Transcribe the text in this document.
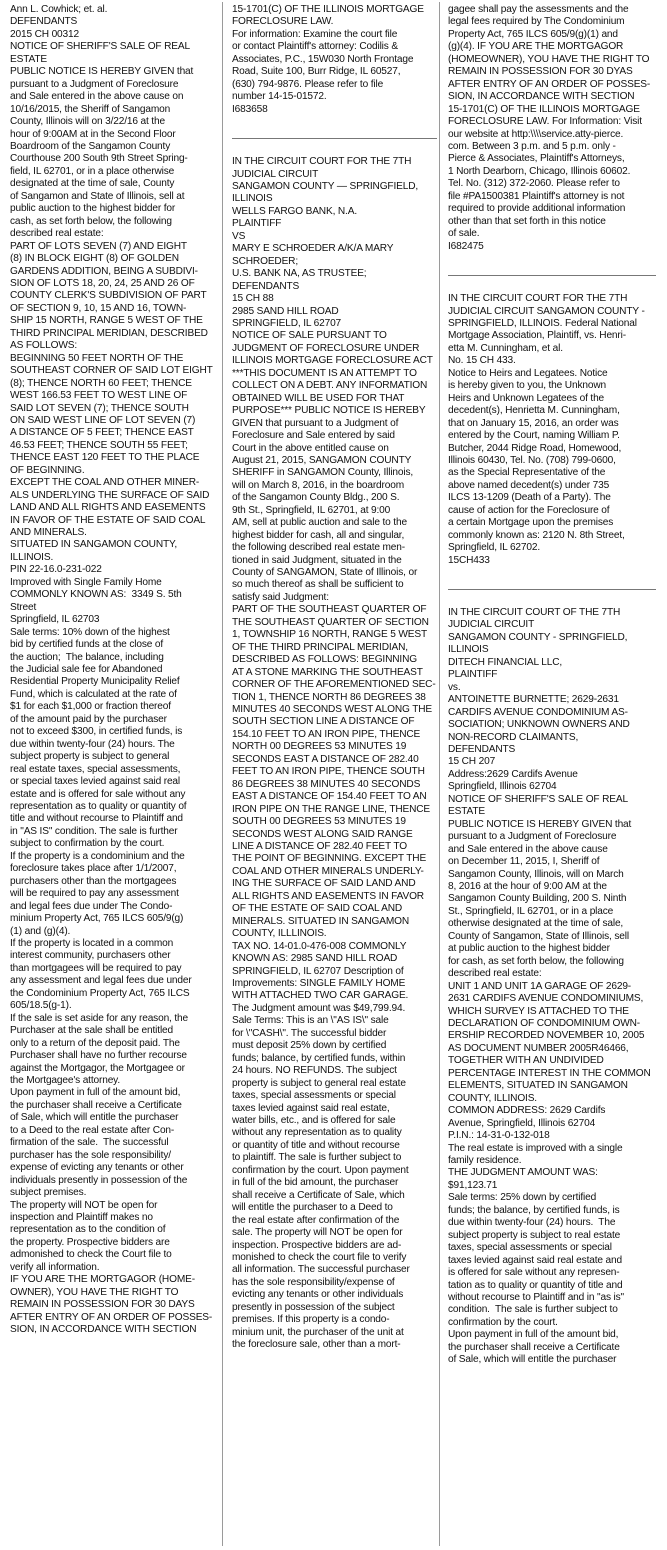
Ann L. Cowhick; et. al.
DEFENDANTS
2015 CH 00312
NOTICE OF SHERIFF'S SALE OF REAL
ESTATE
PUBLIC NOTICE IS HEREBY GIVEN that
pursuant to a Judgment of Foreclosure
and Sale entered in the above cause on
10/16/2015, the Sheriff of Sangamon
County, Illinois will on 3/22/16 at the
hour of 9:00AM at in the Second Floor
Boardroom of the Sangamon County
Courthouse 200 South 9th Street Spring-
field, IL 62701, or in a place otherwise
designated at the time of sale, County
of Sangamon and State of Illinois, sell at
public auction to the highest bidder for
cash, as set forth below, the following
described real estate:
PART OF LOTS SEVEN (7) AND EIGHT
(8) IN BLOCK EIGHT (8) OF GOLDEN
GARDENS ADDITION, BEING A SUBDIVI-
SION OF LOTS 18, 20, 24, 25 AND 26 OF
COUNTY CLERK'S SUBDIVISION OF PART
OF SECTION 9, 10, 15 AND 16, TOWN-
SHIP 15 NORTH, RANGE 5 WEST OF THE
THIRD PRINCIPAL MERIDIAN, DESCRIBED
AS FOLLOWS:
BEGINNING 50 FEET NORTH OF THE
SOUTHEAST CORNER OF SAID LOT EIGHT
(8); THENCE NORTH 60 FEET; THENCE
WEST 166.53 FEET TO WEST LINE OF
SAID LOT SEVEN (7); THENCE SOUTH
ON SAID WEST LINE OF LOT SEVEN (7)
A DISTANCE OF 5 FEET; THENCE EAST
46.53 FEET; THENCE SOUTH 55 FEET;
THENCE EAST 120 FEET TO THE PLACE
OF BEGINNING.
EXCEPT THE COAL AND OTHER MINER-
ALS UNDERLYING THE SURFACE OF SAID
LAND AND ALL RIGHTS AND EASEMENTS
IN FAVOR OF THE ESTATE OF SAID COAL
AND MINERALS.
SITUATED IN SANGAMON COUNTY,
ILLINOIS.
PIN 22-16.0-231-022
Improved with Single Family Home
COMMONLY KNOWN AS:  3349 S. 5th
Street
Springfield, IL 62703
Sale terms: 10% down of the highest
bid by certified funds at the close of
the auction;  The balance, including
the Judicial sale fee for Abandoned
Residential Property Municipality Relief
Fund, which is calculated at the rate of
$1 for each $1,000 or fraction thereof
of the amount paid by the purchaser
not to exceed $300, in certified funds, is
due within twenty-four (24) hours. The
subject property is subject to general
real estate taxes, special assessments,
or special taxes levied against said real
estate and is offered for sale without any
representation as to quality or quantity of
title and without recourse to Plaintiff and
in "AS IS" condition. The sale is further
subject to confirmation by the court.
If the property is a condominium and the
foreclosure takes place after 1/1/2007,
purchasers other than the mortgagees
will be required to pay any assessment
and legal fees due under The Condo-
minium Property Act, 765 ILCS 605/9(g)
(1) and (g)(4).
If the property is located in a common
interest community, purchasers other
than mortgagees will be required to pay
any assessment and legal fees due under
the Condominium Property Act, 765 ILCS
605/18.5(g-1).
If the sale is set aside for any reason, the
Purchaser at the sale shall be entitled
only to a return of the deposit paid. The
Purchaser shall have no further recourse
against the Mortgagor, the Mortgagee or
the Mortgagee's attorney.
Upon payment in full of the amount bid,
the purchaser shall receive a Certificate
of Sale, which will entitle the purchaser
to a Deed to the real estate after Con-
firmation of the sale.  The successful
purchaser has the sole responsibility/
expense of evicting any tenants or other
individuals presently in possession of the
subject premises.
The property will NOT be open for
inspection and Plaintiff makes no
representation as to the condition of
the property. Prospective bidders are
admonished to check the Court file to
verify all information.
IF YOU ARE THE MORTGAGOR (HOME-
OWNER), YOU HAVE THE RIGHT TO
REMAIN IN POSSESSION FOR 30 DAYS
AFTER ENTRY OF AN ORDER OF POSSES-
SION, IN ACCORDANCE WITH SECTION
15-1701(C) OF THE ILLINOIS MORTGAGE
FORECLOSURE LAW.
For information: Examine the court file
or contact Plaintiff's attorney: Codilis &
Associates, P.C., 15W030 North Frontage
Road, Suite 100, Burr Ridge, IL 60527,
(630) 794-9876. Please refer to file
number 14-15-01572.
I683658
IN THE CIRCUIT COURT FOR THE 7TH
JUDICIAL CIRCUIT
SANGAMON COUNTY — SPRINGFIELD,
ILLINOIS
WELLS FARGO BANK, N.A.
PLAINTIFF
VS
MARY E SCHROEDER A/K/A MARY
SCHROEDER;
U.S. BANK NA, AS TRUSTEE;
DEFENDANTS
15 CH 88
2985 SAND HILL ROAD
SPRINGFIELD, IL 62707
NOTICE OF SALE PURSUANT TO
JUDGMENT OF FORECLOSURE UNDER
ILLINOIS MORTGAGE FORECLOSURE ACT
***THIS DOCUMENT IS AN ATTEMPT TO
COLLECT ON A DEBT. ANY INFORMATION
OBTAINED WILL BE USED FOR THAT
PURPOSE*** PUBLIC NOTICE IS HEREBY
GIVEN that pursuant to a Judgment of
Foreclosure and Sale entered by said
Court in the above entitled cause on
August 21, 2015, SANGAMON COUNTY
SHERIFF in SANGAMON County, Illinois,
will on March 8, 2016, in the boardroom
of the Sangamon County Bldg., 200 S.
9th St., Springfield, IL 62701, at 9:00
AM, sell at public auction and sale to the
highest bidder for cash, all and singular,
the following described real estate men-
tioned in said Judgment, situated in the
County of SANGAMON, State of Illinois, or
so much thereof as shall be sufficient to
satisfy said Judgment:
PART OF THE SOUTHEAST QUARTER OF
THE SOUTHEAST QUARTER OF SECTION
1, TOWNSHIP 16 NORTH, RANGE 5 WEST
OF THE THIRD PRINCIPAL MERIDIAN,
DESCRIBED AS FOLLOWS: BEGINNING
AT A STONE MARKING THE SOUTHEAST
CORNER OF THE AFOREMENTIONED SEC-
TION 1, THENCE NORTH 86 DEGREES 38
MINUTES 40 SECONDS WEST ALONG THE
SOUTH SECTION LINE A DISTANCE OF
154.10 FEET TO AN IRON PIPE, THENCE
NORTH 00 DEGREES 53 MINUTES 19
SECONDS EAST A DISTANCE OF 282.40
FEET TO AN IRON PIPE, THENCE SOUTH
86 DEGREES 38 MINUTES 40 SECONDS
EAST A DISTANCE OF 154.40 FEET TO AN
IRON PIPE ON THE RANGE LINE, THENCE
SOUTH 00 DEGREES 53 MINUTES 19
SECONDS WEST ALONG SAID RANGE
LINE A DISTANCE OF 282.40 FEET TO
THE POINT OF BEGINNING. EXCEPT THE
COAL AND OTHER MINERALS UNDERLY-
ING THE SURFACE OF SAID LAND AND
ALL RIGHTS AND EASEMENTS IN FAVOR
OF THE ESTATE OF SAID COAL AND
MINERALS. SITUATED IN SANGAMON
COUNTY, ILLLINOIS.
TAX NO. 14-01.0-476-008 COMMONLY
KNOWN AS: 2985 SAND HILL ROAD
SPRINGFIELD, IL 62707 Description of
Improvements: SINGLE FAMILY HOME
WITH ATTACHED TWO CAR GARAGE.
The Judgment amount was $49,799.94.
Sale Terms: This is an \"AS IS\" sale
for \"CASH\". The successful bidder
must deposit 25% down by certified
funds; balance, by certified funds, within
24 hours. NO REFUNDS. The subject
property is subject to general real estate
taxes, special assessments or special
taxes levied against said real estate,
water bills, etc., and is offered for sale
without any representation as to quality
or quantity of title and without recourse
to plaintiff. The sale is further subject to
confirmation by the court. Upon payment
in full of the bid amount, the purchaser
shall receive a Certificate of Sale, which
will entitle the purchaser to a Deed to
the real estate after confirmation of the
sale. The property will NOT be open for
inspection. Prospective bidders are ad-
monished to check the court file to verify
all information. The successful purchaser
has the sole responsibility/expense of
evicting any tenants or other individuals
presently in possession of the subject
premises. If this property is a condo-
minium unit, the purchaser of the unit at
the foreclosure sale, other than a mort-
gagee shall pay the assessments and the
legal fees required by The Condominium
Property Act, 765 ILCS 605/9(g)(1) and
(g)(4). IF YOU ARE THE MORTGAGOR
(HOMEOWNER), YOU HAVE THE RIGHT TO
REMAIN IN POSSESSION FOR 30 DYAS
AFTER ENTRY OF AN ORDER OF POSSES-
SION, IN ACCORDANCE WITH SECTION
15-1701(C) OF THE ILLINOIS MORTGAGE
FORECLOSURE LAW. For Information: Visit
our website at http:\\\\service.atty-pierce.
com. Between 3 p.m. and 5 p.m. only -
Pierce & Associates, Plaintiff's Attorneys,
1 North Dearborn, Chicago, Illinois 60602.
Tel. No. (312) 372-2060. Please refer to
file #PA1500381 Plaintiff's attorney is not
required to provide additional information
other than that set forth in this notice
of sale.
I682475
IN THE CIRCUIT COURT FOR THE 7TH
JUDICIAL CIRCUIT SANGAMON COUNTY -
SPRINGFIELD, ILLINOIS. Federal National
Mortgage Association, Plaintiff, vs. Henri-
etta M. Cunningham, et al.
No. 15 CH 433.
Notice to Heirs and Legatees. Notice
is hereby given to you, the Unknown
Heirs and Unknown Legatees of the
decedent(s), Henrietta M. Cunningham,
that on January 15, 2016, an order was
entered by the Court, naming William P.
Butcher, 2044 Ridge Road, Homewood,
Illinois 60430, Tel. No. (708) 799-0600,
as the Special Representative of the
above named decedent(s) under 735
ILCS 13-1209 (Death of a Party). The
cause of action for the Foreclosure of
a certain Mortgage upon the premises
commonly known as: 2120 N. 8th Street,
Springfield, IL 62702.
15CH433
IN THE CIRCUIT COURT OF THE 7TH
JUDICIAL CIRCUIT
SANGAMON COUNTY - SPRINGFIELD,
ILLINOIS
DITECH FINANCIAL LLC,
PLAINTIFF
vs.
ANTOINETTE BURNETTE; 2629-2631
CARDIFS AVENUE CONDOMINIUM AS-
SOCIATION; UNKNOWN OWNERS AND
NON-RECORD CLAIMANTS,
DEFENDANTS
15 CH 207
Address:2629 Cardifs Avenue
Springfield, Illinois 62704
NOTICE OF SHERIFF'S SALE OF REAL
ESTATE
PUBLIC NOTICE IS HEREBY GIVEN that
pursuant to a Judgment of Foreclosure
and Sale entered in the above cause
on December 11, 2015, I, Sheriff of
Sangamon County, Illinois, will on March
8, 2016 at the hour of 9:00 AM at the
Sangamon County Building, 200 S. Ninth
St., Springfield, IL 62701, or in a place
otherwise designated at the time of sale,
County of Sangamon, State of Illinois, sell
at public auction to the highest bidder
for cash, as set forth below, the following
described real estate:
UNIT 1 AND UNIT 1A GARAGE OF 2629-
2631 CARDIFS AVENUE CONDOMINIUMS,
WHICH SURVEY IS ATTACHED TO THE
DECLARATION OF CONDOMINIUM OWN-
ERSHIP RECORDED NOVEMBER 10, 2005
AS DOCUMENT NUMBER 2005R46466,
TOGETHER WITH AN UNDIVIDED
PERCENTAGE INTEREST IN THE COMMON
ELEMENTS, SITUATED IN SANGAMON
COUNTY, ILLINOIS.
COMMON ADDRESS: 2629 Cardifs
Avenue, Springfield, Illinois 62704
P.I.N.: 14-31-0-132-018
The real estate is improved with a single
family residence.
THE JUDGMENT AMOUNT WAS:
$91,123.71
Sale terms: 25% down by certified
funds; the balance, by certified funds, is
due within twenty-four (24) hours.  The
subject property is subject to real estate
taxes, special assessments or special
taxes levied against said real estate and
is offered for sale without any represen-
tation as to quality or quantity of title and
without recourse to Plaintiff and in "as is"
condition.  The sale is further subject to
confirmation by the court.
Upon payment in full of the amount bid,
the purchaser shall receive a Certificate
of Sale, which will entitle the purchaser
